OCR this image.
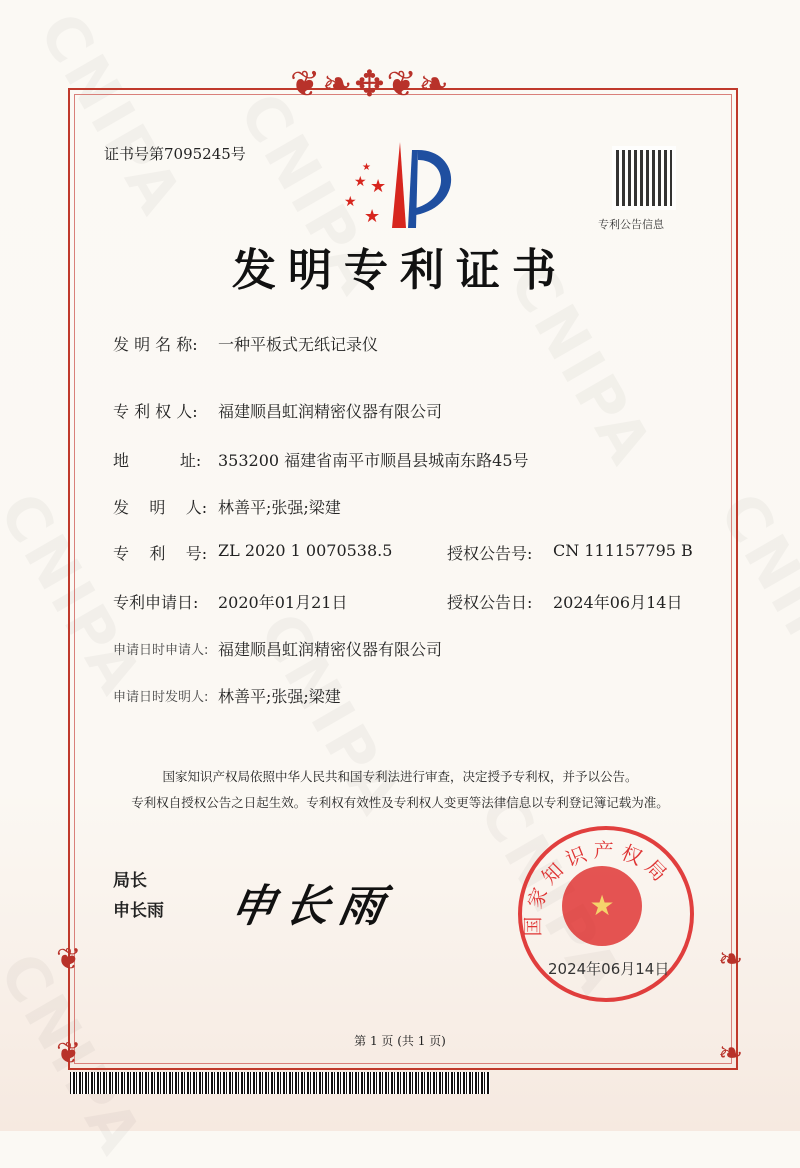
❦❧✥❦❧
❦	❧
❦	❧
证书号第7095245号
★
★ ★
★
★	专利公告信息
发明专利证书
发 明 名 称: 一种平板式无纸记录仪
专 利 权 人: 福建顺昌虹润精密仪器有限公司
地          址: 353200 福建省南平市顺昌县城南东路45号
发    明    人: 林善平;张强;梁建
专    利    号: ZL 2020 1 0070538.5	授权公告号: CN 111157795 B
专利申请日: 2020年01月21日	授权公告日: 2024年06月14日
申请日时申请人: 福建顺昌虹润精密仪器有限公司
申请日时发明人: 林善平;张强;梁建
国家知识产权局依照中华人民共和国专利法进行审查，决定授予专利权，并予以公告。
专利权自授权公告之日起生效。专利权有效性及专利权人变更等法律信息以专利登记簿记载为准。
局长
申长雨 申长雨	★
国家知识产权局
2024年06月14日
第 1 页 (共 1 页)
